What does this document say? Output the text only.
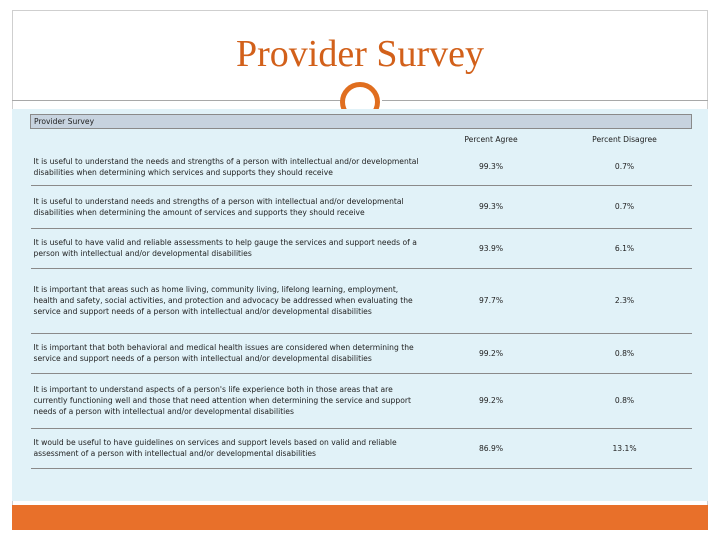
Provider Survey
Provider Survey		
	Percent Agree	Percent Disagree
It is useful to understand the needs and strengths of a person with intellectual and/or developmental disabilities when determining which services and supports they should receive	99.3%	0.7%
It is useful to understand needs and strengths of a person with intellectual and/or developmental disabilities when determining the amount of services and supports they should receive	99.3%	0.7%
It is useful to have valid and reliable assessments to help gauge the services and support needs of a person with intellectual and/or developmental disabilities	93.9%	6.1%
It is important that areas such as home living, community living, lifelong learning, employment, health and safety, social activities, and protection and advocacy be addressed when evaluating the service and support needs of a person with intellectual and/or developmental disabilities	97.7%	2.3%
It is important that both behavioral and medical health issues are considered when determining the service and support needs of a person with intellectual and/or developmental disabilities	99.2%	0.8%
It is important to understand aspects of a person's life experience both in those areas that are currently functioning well and those that need attention when determining the service and support needs of a person with intellectual and/or developmental disabilities	99.2%	0.8%
It would be useful to have guidelines on services and support levels based on valid and reliable assessment of a person with intellectual and/or developmental disabilities	86.9%	13.1%
